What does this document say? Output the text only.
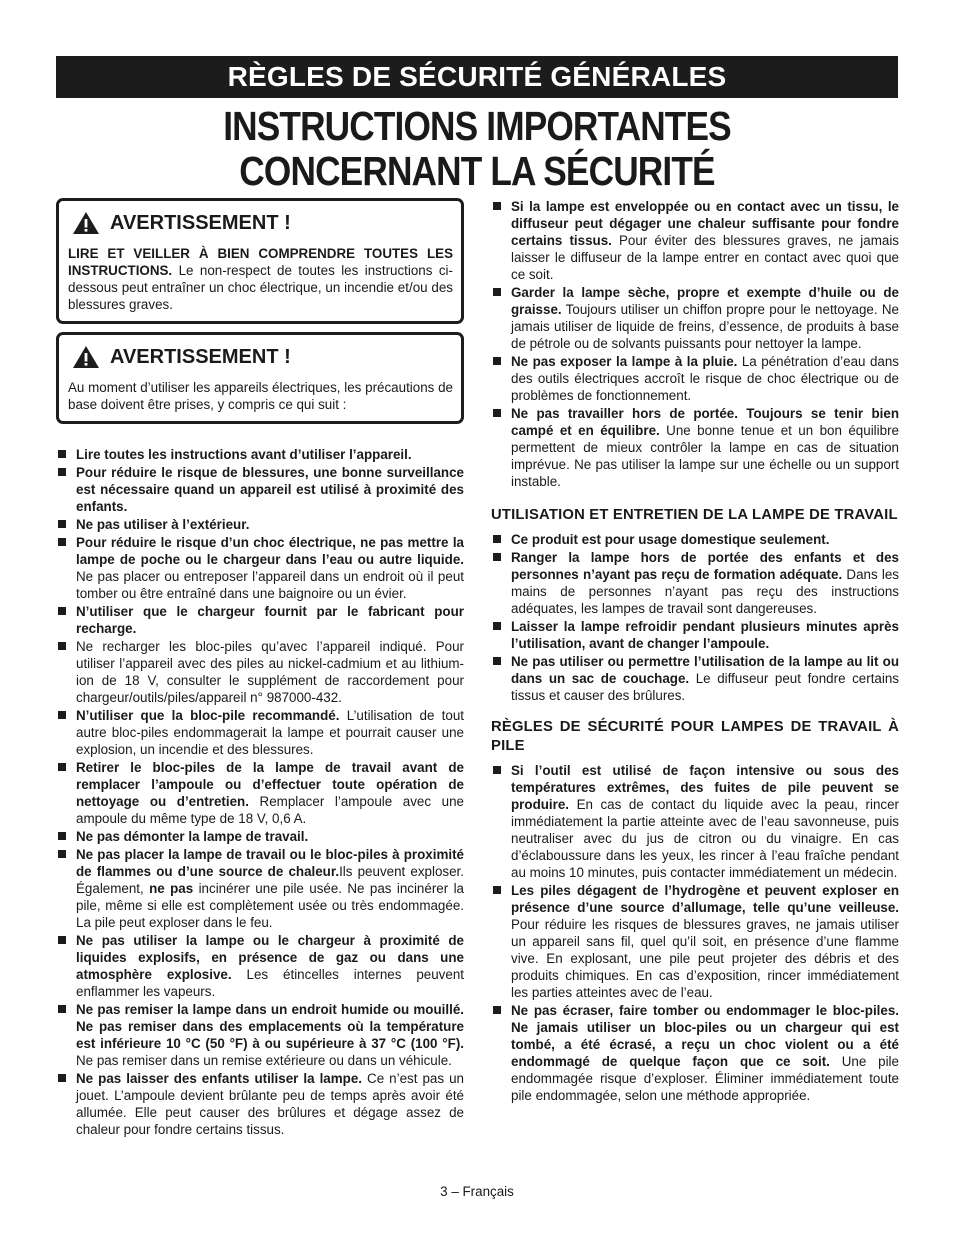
RÈGLES DE SÉCURITÉ GÉNÉRALES
INSTRUCTIONS IMPORTANTES
CONCERNANT LA SÉCURITÉ
AVERTISSEMENT !

LIRE ET VEILLER À BIEN COMPRENDRE TOUTES LES INSTRUCTIONS. Le non-respect de toutes les instructions ci-dessous peut entraîner un choc électrique, un incendie et/ou des blessures graves.

AVERTISSEMENT !

Au moment d’utiliser les appareils électriques, les précautions de base doivent être prises, y compris ce qui suit :

Lire toutes les instructions avant d’utiliser l’appareil.
Pour réduire le risque de blessures, une bonne surveillance est nécessaire quand un appareil est utilisé à proximité des enfants.
Ne pas utiliser à l’extérieur.
Pour réduire le risque d’un choc électrique, ne pas mettre la lampe de poche ou le chargeur dans l’eau ou autre liquide. Ne pas placer ou entreposer l’appareil dans un endroit où il peut tomber ou être entraîné dans une baignoire ou un évier.
N’utiliser que le chargeur fournit par le fabricant pour recharge.
Ne recharger les bloc-piles qu’avec l’appareil indiqué. Pour utiliser l’appareil avec des piles au nickel-cadmium et au lithium-ion de 18 V, consulter le supplément de raccordement pour chargeur/outils/piles/appareil n° 987000-432.
N’utiliser que la bloc-pile recommandé. L’utilisation de tout autre bloc-piles endommagerait la lampe et pourrait causer une explosion, un incendie et des blessures.
Retirer le bloc-piles de la lampe de travail avant de remplacer l’ampoule ou d’effectuer toute opération de nettoyage ou d’entretien. Remplacer l’ampoule avec une ampoule du même type de 18 V, 0,6 A.
Ne pas démonter la lampe de travail.
Ne pas placer la lampe de travail ou le bloc-piles à proximité de flammes ou d’une source de chaleur.Ils peuvent exploser. Également, ne pas incinérer une pile usée. Ne pas incinérer la pile, même si elle est complètement usée ou très endommagée. La pile peut exploser dans le feu.
Ne pas utiliser la lampe ou le chargeur à proximité de liquides explosifs, en présence de gaz ou dans une atmosphère explosive. Les étincelles internes peuvent enflammer les vapeurs.
Ne pas remiser la lampe dans un endroit humide ou mouillé. Ne pas remiser dans des emplacements où la température est inférieure 10 °C (50 °F) à ou supérieure à 37 °C (100 °F). Ne pas remiser dans un remise extérieure ou dans un véhicule.
Ne pas laisser des enfants utiliser la lampe. Ce n’est pas un jouet. L’ampoule devient brûlante peu de temps après avoir été allumée. Elle peut causer des brûlures et dégage assez de chaleur pour fondre certains tissus.
Si la lampe est enveloppée ou en contact avec un tissu, le diffuseur peut dégager une chaleur suffisante pour fondre certains tissus. Pour éviter des blessures graves, ne jamais laisser le diffuseur de la lampe entrer en contact avec quoi que ce soit.
Garder la lampe sèche, propre et exempte d’huile ou de graisse. Toujours utiliser un chiffon propre pour le nettoyage. Ne jamais utiliser de liquide de freins, d’essence, de produits à base de pétrole ou de solvants puissants pour nettoyer la lampe.
Ne pas exposer la lampe à la pluie. La pénétration d’eau dans des outils électriques accroît le risque de choc électrique ou de problèmes de fonctionnement.
Ne pas travailler hors de portée. Toujours se tenir bien campé et en équilibre. Une bonne tenue et un bon équilibre permettent de mieux contrôler la lampe en cas de situation imprévue. Ne pas utiliser la lampe sur une échelle ou un support instable.
UTILISATION ET ENTRETIEN DE LA LAMPE DE TRAVAIL
Ce produit est pour usage domestique seulement.
Ranger la lampe hors de portée des enfants et des personnes n’ayant pas reçu de formation adéquate. Dans les mains de personnes n’ayant pas reçu des instructions adéquates, les lampes de travail sont dangereuses.
Laisser la lampe refroidir pendant plusieurs minutes après l’utilisation, avant de changer l’ampoule.
Ne pas utiliser ou permettre l’utilisation de la lampe au lit ou dans un sac de couchage. Le diffuseur peut fondre certains tissus et causer des brûlures.
RÈGLES DE SÉCURITÉ POUR LAMPES DE TRAVAIL À PILE
Si l’outil est utilisé de façon intensive ou sous des températures extrêmes, des fuites de pile peuvent se produire. En cas de contact du liquide avec la peau, rincer immédiatement la partie atteinte avec de l’eau savonneuse, puis neutraliser avec du jus de citron ou du vinaigre. En cas d’éclaboussure dans les yeux, les rincer à l’eau fraîche pendant au moins 10 minutes, puis contacter immédiatement un médecin.
Les piles dégagent de l’hydrogène et peuvent exploser en présence d’une source d’allumage, telle qu’une veilleuse. Pour réduire les risques de blessures graves, ne jamais utiliser un appareil sans fil, quel qu’il soit, en présence d’une flamme vive. En explosant, une pile peut projeter des débris et des produits chimiques. En cas d’exposition, rincer immédiatement les parties atteintes avec de l’eau.
Ne pas écraser, faire tomber ou endommager le bloc-piles. Ne jamais utiliser un bloc-piles ou un chargeur qui est tombé, a été écrasé, a reçu un choc violent ou a été endommagé de quelque façon que ce soit. Une pile endommagée risque d’exploser. Éliminer immédiatement toute pile endommagée, selon une méthode appropriée.
3 – Français
